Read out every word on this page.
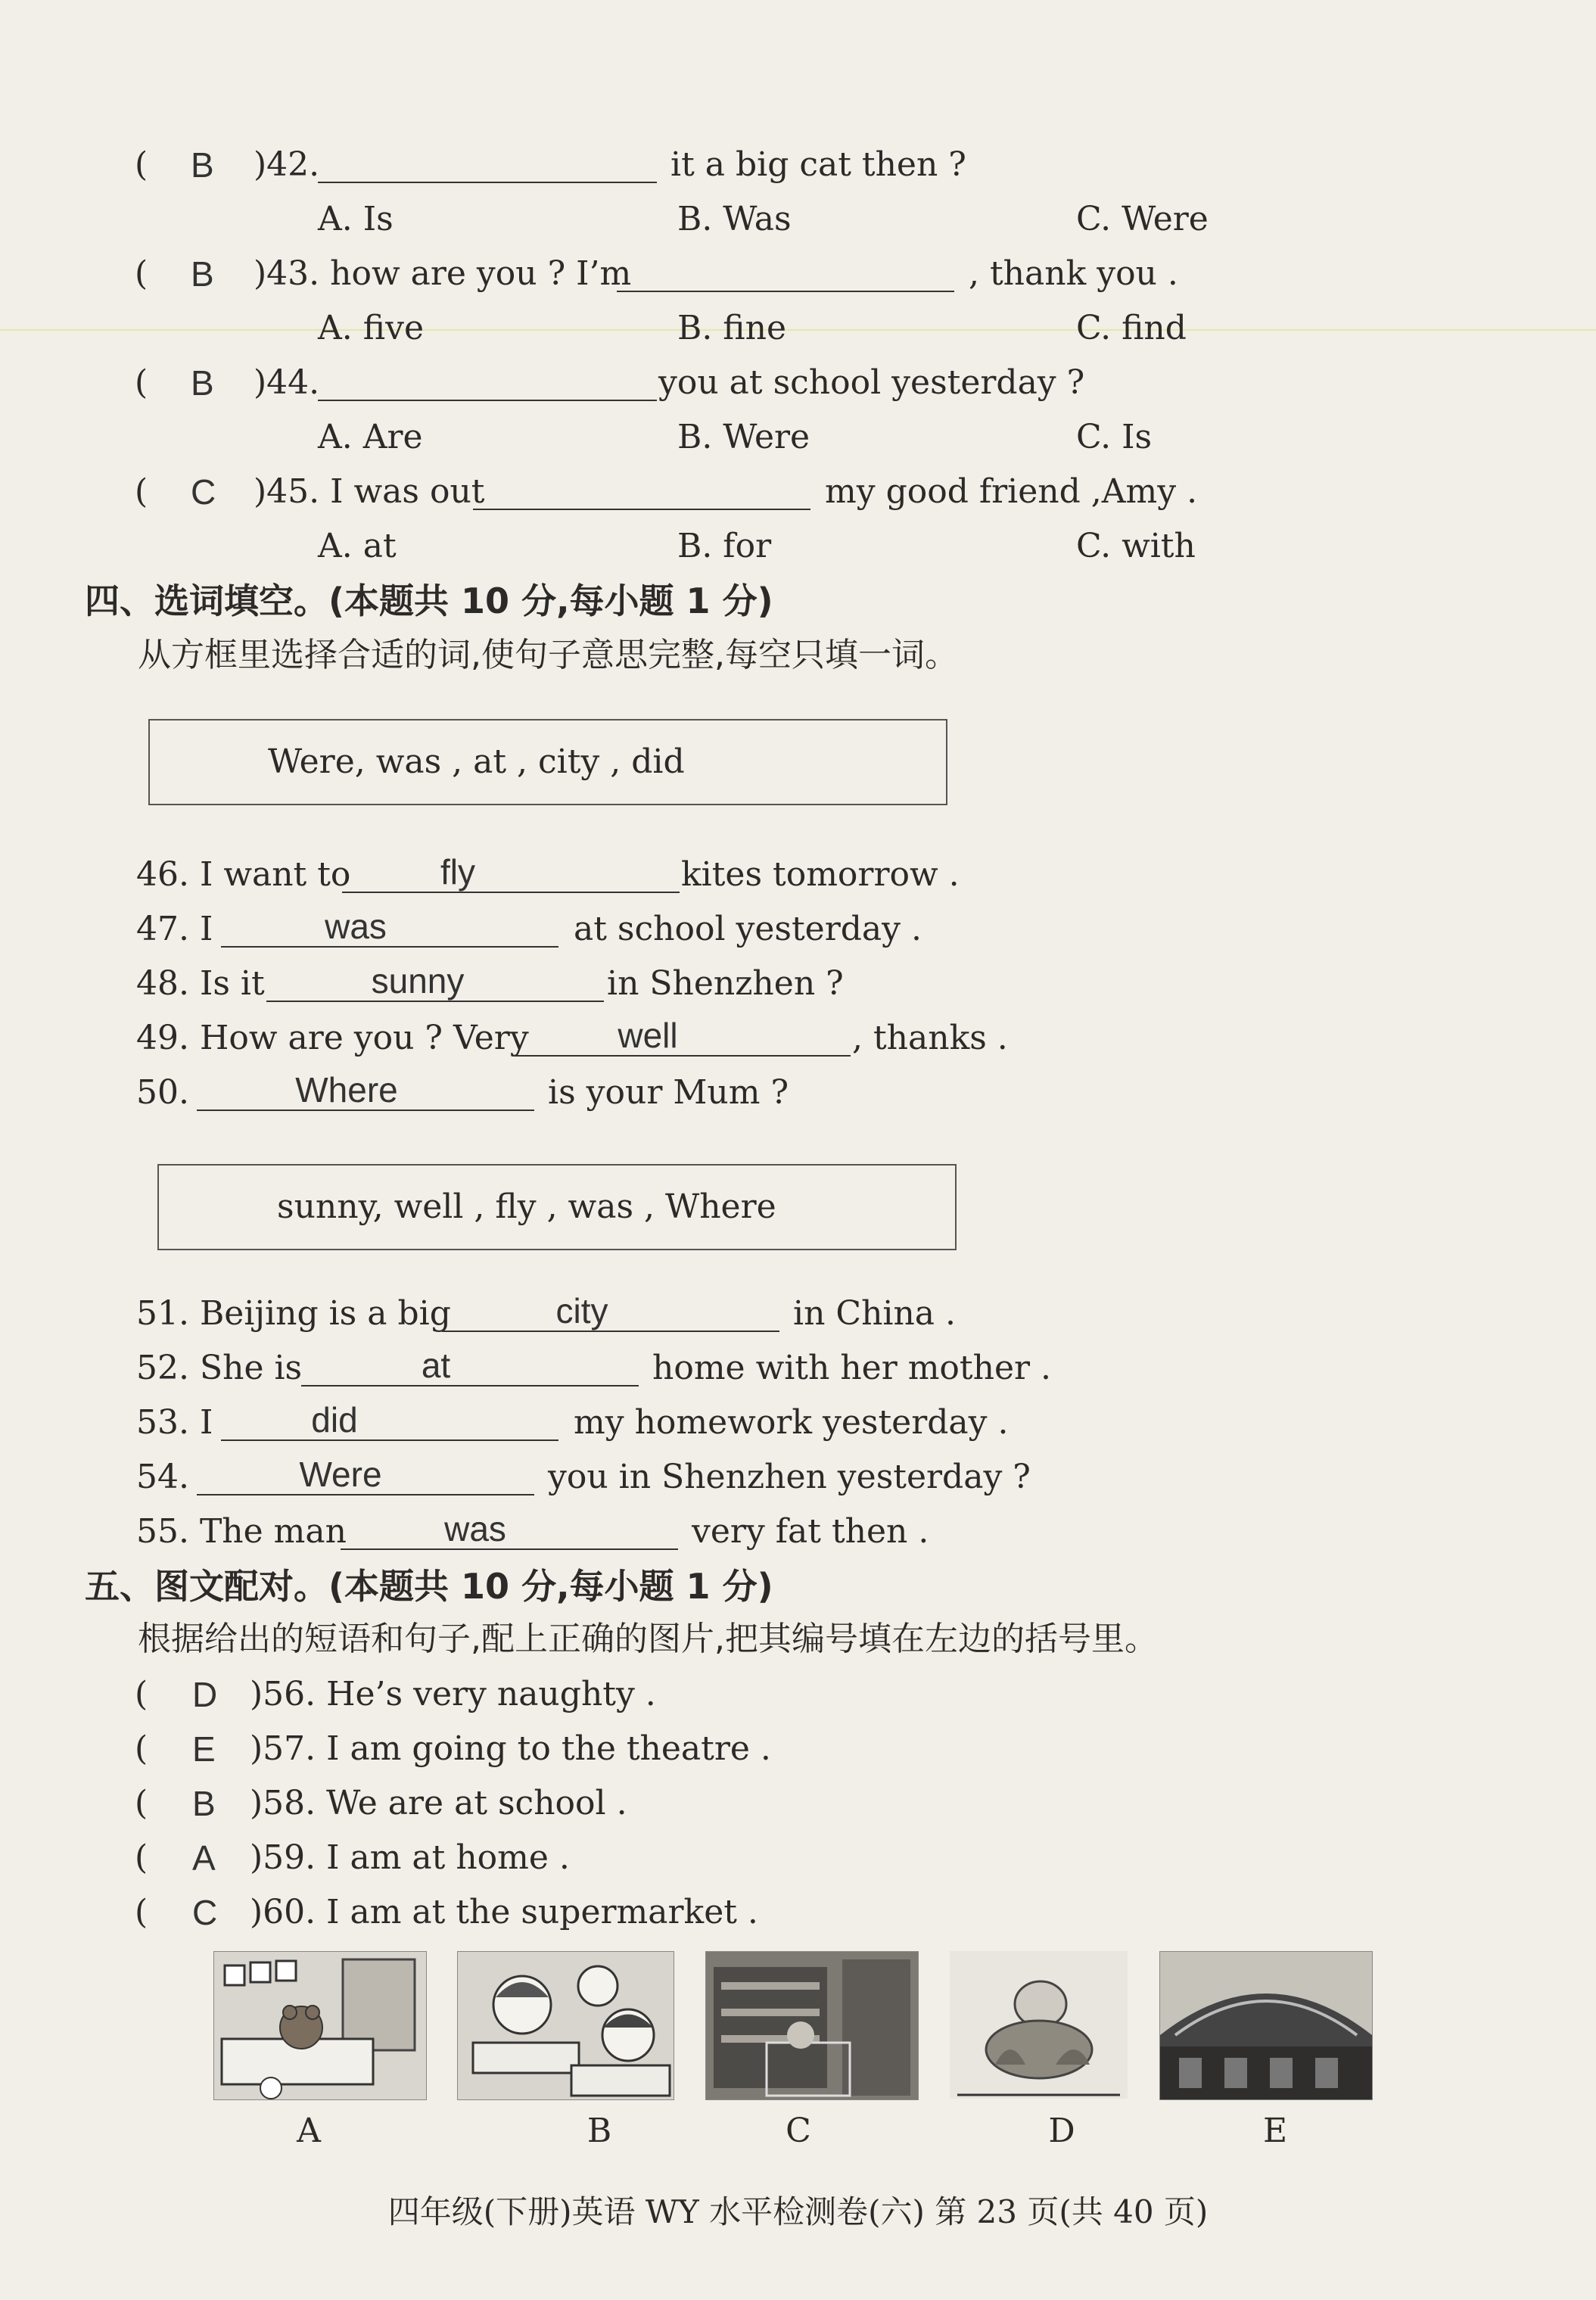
( B )42.	it a big cat then ?
A. Is	B. Was	C. Were
( B )43. how are you ? I’m	, thank you .
A. five	B. fine	C. find
( B )44.	you at school yesterday ?
A. Are	B. Were	C. Is
( C )45. I was out	my good friend ,Amy .
A. at	B. for	C. with
四、选词填空。(本题共 10 分,每小题 1 分)
从方框里选择合适的词,使句子意思完整,每空只填一词。
Were, was , at , city , did
46. I want to	fly	kites tomorrow .
47. I	was	at school yesterday .
48. Is it	sunny	in Shenzhen ?
49. How are you ? Very	well	, thanks .
50.	Where	is your Mum ?
sunny, well , fly , was , Where
51. Beijing is a big	city	in China .
52. She is	at	home with her mother .
53. I	did	my homework yesterday .
54.	Were	you in Shenzhen yesterday ?
55. The man	was	very fat then .
五、图文配对。(本题共 10 分,每小题 1 分)
根据给出的短语和句子,配上正确的图片,把其编号填在左边的括号里。
( D )56. He’s very naughty .
( E )57. I am going to the theatre .
( B )58. We are at school .
( A )59. I am at home .
( C )60. I am at the supermarket .
A	B	C	D	E
四年级(下册)英语 WY 水平检测卷(六) 第 23 页(共 40 页)
